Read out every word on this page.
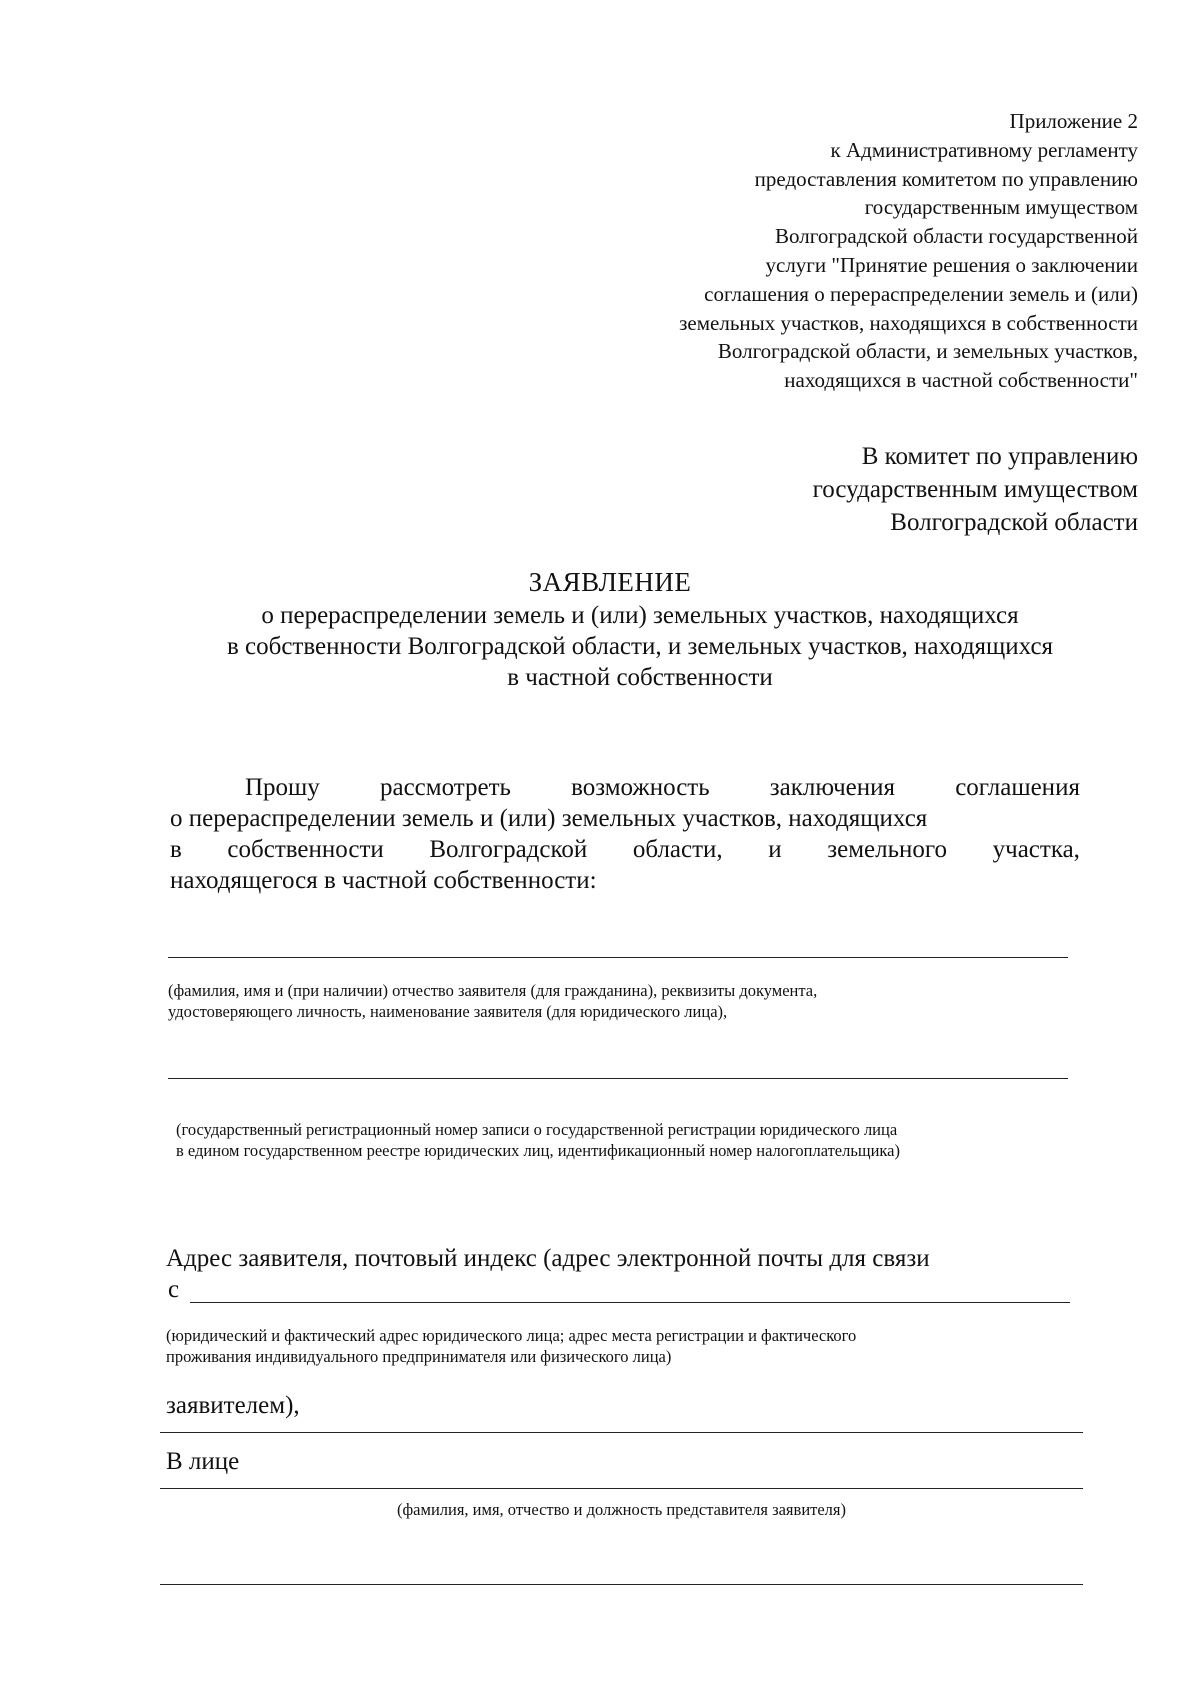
Приложение 2
к Административному регламенту
предоставления комитетом по управлению
государственным имуществом
Волгоградской области государственной
услуги "Принятие решения о заключении
соглашения о перераспределении земель и (или)
земельных участков, находящихся в собственности
Волгоградской области, и земельных участков,
находящихся в частной собственности"
В комитет по управлению
государственным имуществом
Волгоградской области
ЗАЯВЛЕНИЕ
о перераспределении земель и (или) земельных участков, находящихся
в собственности Волгоградской области, и земельных участков, находящихся
в частной собственности
Прошу рассмотреть возможность заключения соглашения
о перераспределении земель и (или) земельных участков, находящихся
в собственности Волгоградской области, и земельного участка,
находящегося в частной собственности:
(фамилия, имя и (при наличии) отчество заявителя (для гражданина), реквизиты документа,
удостоверяющего личность, наименование заявителя (для юридического лица),
(государственный регистрационный номер записи о государственной регистрации юридического лица
в едином государственном реестре юридических лиц, идентификационный номер налогоплательщика)
Адрес заявителя, почтовый индекс (адрес электронной почты для связи
с
(юридический и фактический адрес юридического лица; адрес места регистрации и фактического
проживания индивидуального предпринимателя или физического лица)
заявителем),
В лице
(фамилия, имя, отчество и должность представителя заявителя)
